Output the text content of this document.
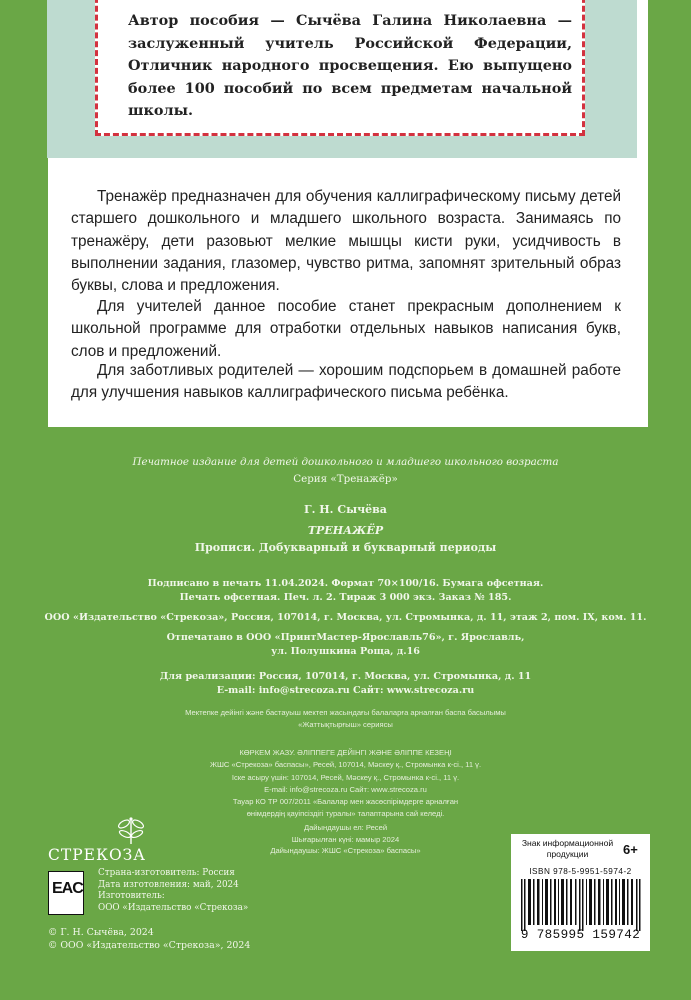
Автор пособия — Сычёва Галина Николаевна — заслуженный учитель Российской Федерации, Отличник народного просвещения. Ею выпущено более 100 пособий по всем предметам начальной школы.
Тренажёр предназначен для обучения каллиграфическому письму детей старшего дошкольного и младшего школьного возраста. Занимаясь по тренажёру, дети разовьют мелкие мышцы кисти руки, усидчивость в выполнении задания, глазомер, чувство ритма, запомнят зрительный образ буквы, слова и предложения.
Для учителей данное пособие станет прекрасным дополнением к школьной программе для отработки отдельных навыков написания букв, слов и предложений.
Для заботливых родителей — хорошим подспорьем в домашней работе для улучшения навыков каллиграфического письма ребёнка.
Печатное издание для детей дошкольного и младшего школьного возраста
Серия «Тренажёр»
Г. Н. Сычёва
ТРЕНАЖЁР
Прописи. Добукварный и букварный периоды
Подписано в печать 11.04.2024. Формат 70×100/16. Бумага офсетная.
Печать офсетная. Печ. л. 2. Тираж 3 000 экз. Заказ № 185.
ООО «Издательство «Стрекоза», Россия, 107014, г. Москва, ул. Стромынка, д. 11, этаж 2, пом. IX, ком. 11.
Отпечатано в ООО «ПринтМастер-Ярославль76», г. Ярославль,
ул. Полушкина Роща, д.16
Для реализации: Россия, 107014, г. Москва, ул. Стромынка, д. 11
E-mail: info@strecoza.ru Сайт: www.strecoza.ru
Мектепке дейінгі және бастауыш мектеп жасындағы балаларға арналған баспа басылымы
«Жаттықтырғыш» сериясы
КӨРКЕМ ЖАЗУ. ӘЛІППЕГЕ ДЕЙІНГІ ЖӘНЕ ӘЛІППЕ КЕЗЕҢІ
ЖШС «Стрекоза» баспасы», Ресей, 107014, Мәскеу қ., Стромынка к-сі., 11 ү.
Іске асыру үшін: 107014, Ресей, Мәскеу қ., Стромынка к-сі., 11 ү.
E-mail: info@strecoza.ru Сайт: www.strecoza.ru
Тауар КО ТР 007/2011 «Балалар мен жасөспірімдерге арналған
өнімдердің қауіпсіздігі туралы» талаптарына сай келеді.
Дайындаушы ел: Ресей
Шығарылған күні: мамыр 2024
Дайындаушы: ЖШС «Стрекоза» баспасы»
СТРЕКОЗА
EAC
Страна-изготовитель: Россия
Дата изготовления: май, 2024
Изготовитель:
ООО «Издательство «Стрекоза»
© Г. Н. Сычёва, 2024
© ООО «Издательство «Стрекоза», 2024
Знак информационной продукции	6+
ISBN 978-5-9951-5974-2
9 785995 159742
